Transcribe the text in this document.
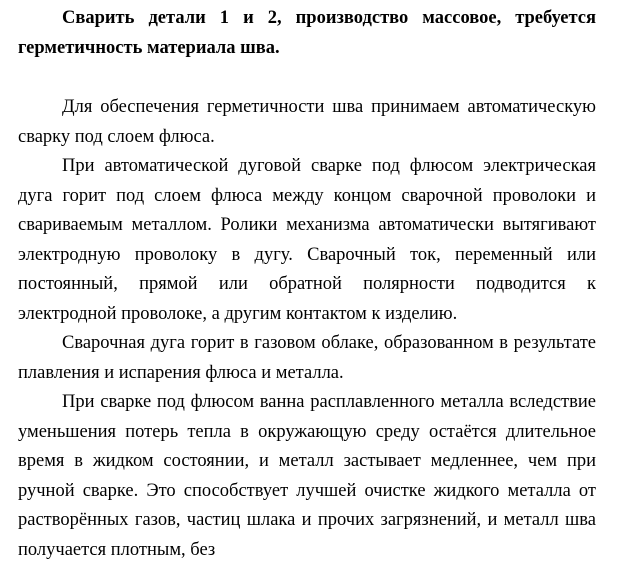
Сварить детали 1 и 2, производство массовое, требуется герметичность материала шва.

Для обеспечения герметичности шва принимаем автоматическую сварку под слоем флюса.

При автоматической дуговой сварке под флюсом электрическая дуга горит под слоем флюса между концом сварочной проволоки и свариваемым металлом. Ролики механизма автоматически вытягивают электродную проволоку в дугу. Сварочный ток, переменный или постоянный, прямой или обратной полярности подводится к электродной проволоке, а другим контактом к изделию.

Сварочная дуга горит в газовом облаке, образованном в результате плавления и испарения флюса и металла.

При сварке под флюсом ванна расплавленного металла вследствие уменьшения потерь тепла в окружающую среду остаётся длительное время в жидком состоянии, и металл застывает медленнее, чем при ручной сварке. Это способствует лучшей очистке жидкого металла от растворённых газов, частиц шлака и прочих загрязнений, и металл шва получается плотным, без
